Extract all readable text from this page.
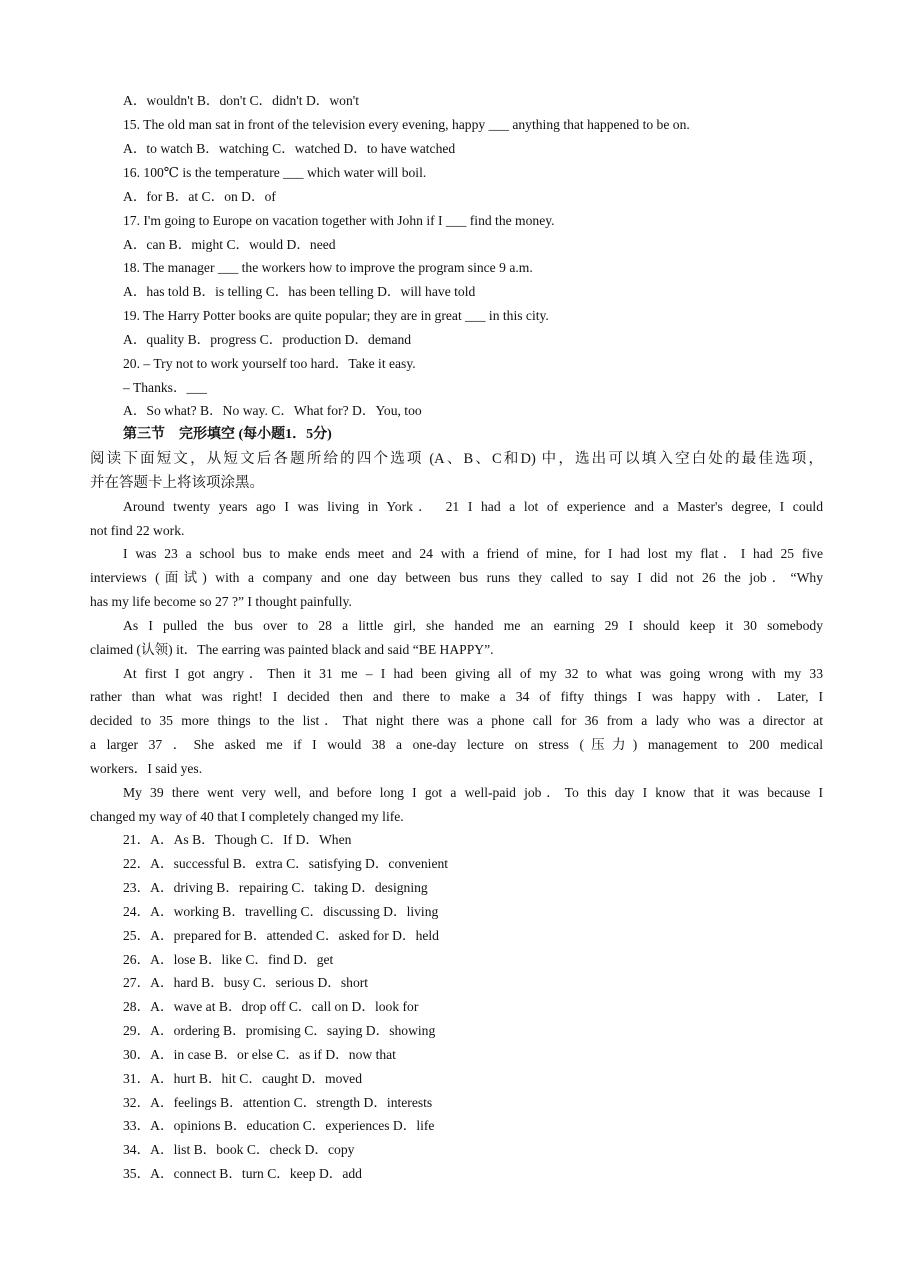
A．wouldn't B．don't C．didn't D．won't
15. The old man sat in front of the television every evening, happy ___ anything that happened to be on.
A．to watch B．watching C．watched D．to have watched
16. 100℃ is the temperature ___ which water will boil.
A．for B．at C．on D．of
17. I'm going to Europe on vacation together with John if I ___ find the money.
A．can B．might C．would D．need
18. The manager ___ the workers how to improve the program since 9 a.m.
A．has told B．is telling C．has been telling D．will have told
19. The Harry Potter books are quite popular; they are in great ___ in this city.
A．quality B．progress C．production D．demand
20. – Try not to work yourself too hard．Take it easy.
– Thanks．___
A．So what? B．No way. C．What for? D．You, too
第三节　完形填空 (每小题1．5分)
阅读下面短文，从短文后各题所给的四个选项 (A、B、C和D) 中，选出可以填入空白处的最佳选项，
并在答题卡上将该项涂黑。
Around twenty years ago I was living in York． 21 I had a lot of experience and a Master's degree, I could
not find 22 work.
I was 23 a school bus to make ends meet and 24 with a friend of mine, for I had lost my flat．I had 25 five
interviews (面试) with a company and one day between bus runs they called to say I did not 26 the job．“Why
has my life become so 27 ?” I thought painfully.
As I pulled the bus over to 28 a little girl, she handed me an earning 29 I should keep it 30 somebody
claimed (认领) it．The earring was painted black and said “BE HAPPY”.
At first I got angry．Then it 31 me – I had been giving all of my 32 to what was going wrong with my 33
rather than what was right! I decided then and there to make a 34 of fifty things I was happy with．Later, I
decided to 35 more things to the list．That night there was a phone call for 36 from a lady who was a director at
a larger 37 ．She asked me if I would 38 a one-day lecture on stress (压力) management to 200 medical
workers．I said yes.
My 39 there went very well, and before long I got a well-paid job．To this day I know that it was because I
changed my way of 40 that I completely changed my life.
21．A．As B．Though C．If D．When
22．A．successful B．extra C．satisfying D．convenient
23．A．driving B．repairing C．taking D．designing
24．A．working B．travelling C．discussing D．living
25．A．prepared for B．attended C．asked for D．held
26．A．lose B．like C．find D．get
27．A．hard B．busy C．serious D．short
28．A．wave at B．drop off C．call on D．look for
29．A．ordering B．promising C．saying D．showing
30．A．in case B．or else C．as if D．now that
31．A．hurt B．hit C．caught D．moved
32．A．feelings B．attention C．strength D．interests
33．A．opinions B．education C．experiences D．life
34．A．list B．book C．check D．copy
35．A．connect B．turn C．keep D．add
